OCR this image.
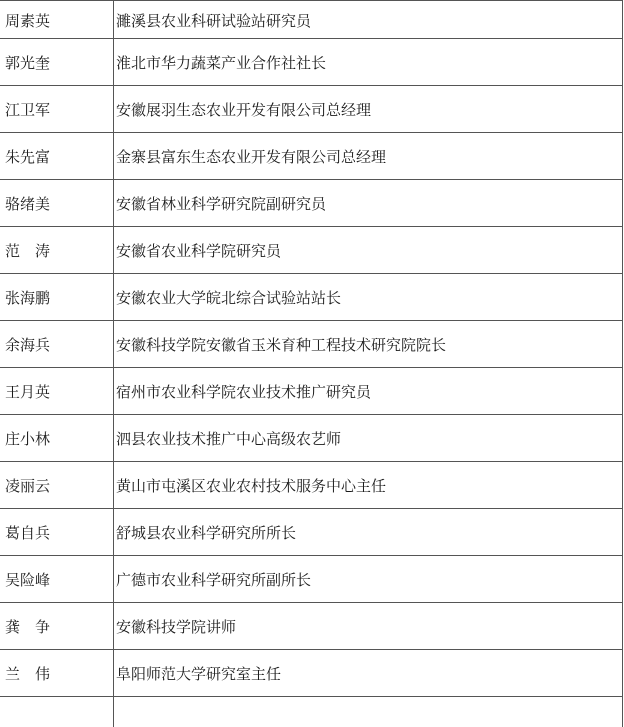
周素英	濉溪县农业科研试验站研究员
郭光奎	淮北市华力蔬菜产业合作社社长
江卫军	安徽展羽生态农业开发有限公司总经理
朱先富	金寨县富东生态农业开发有限公司总经理
骆绪美	安徽省林业科学研究院副研究员
范　涛	安徽省农业科学院研究员
张海鹏	安徽农业大学皖北综合试验站站长
余海兵	安徽科技学院安徽省玉米育种工程技术研究院院长
王月英	宿州市农业科学院农业技术推广研究员
庄小林	泗县农业技术推广中心高级农艺师
凌丽云	黄山市屯溪区农业农村技术服务中心主任
葛自兵	舒城县农业科学研究所所长
吴险峰	广德市农业科学研究所副所长
龚　争	安徽科技学院讲师
兰　伟	阜阳师范大学研究室主任
